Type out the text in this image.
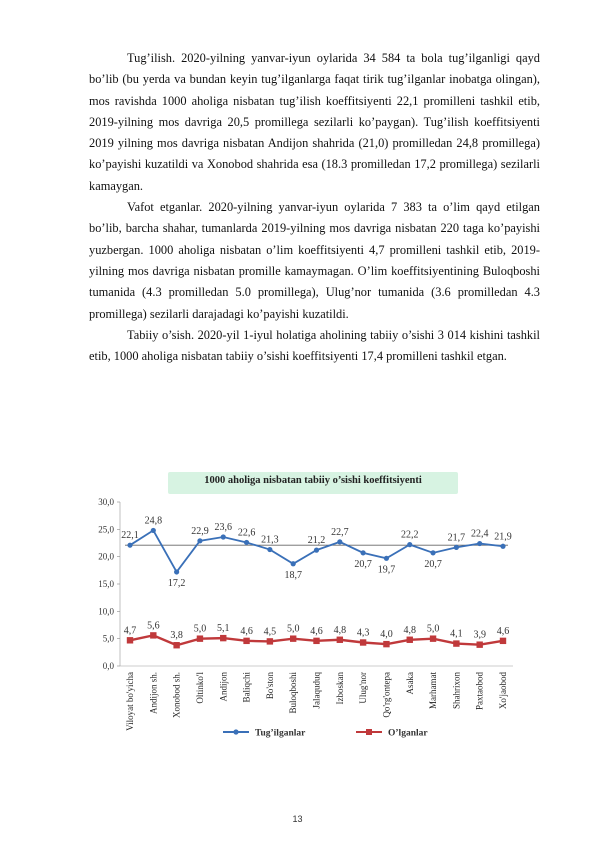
Tug’ilish. 2020-yilning yanvar-iyun oylarida 34 584 ta bola tug’ilganligi qayd bo’lib (bu yerda va bundan keyin tug’ilganlarga faqat tirik tug’ilganlar inobatga olingan), mos ravishda 1000 aholiga nisbatan tug’ilish koeffitsiyenti 22,1 promilleni tashkil etib, 2019-yilning mos davriga 20,5 promillega sezilarli ko’paygan). Tug’ilish koeffitsiyenti 2019 yilning mos davriga nisbatan Andijon shahrida (21,0) promilledan 24,8 promillega) ko’payishi kuzatildi va Xonobod shahrida esa (18.3 promilledan 17,2 promillega) sezilarli kamaygan.

Vafot etganlar. 2020-yilning yanvar-iyun oylarida 7 383 ta o’lim qayd etilgan bo’lib, barcha shahar, tumanlarda 2019-yilning mos davriga nisbatan 220 taga ko’payishi yuzbergan. 1000 aholiga nisbatan o’lim koeffitsiyenti 4,7 promilleni tashkil etib, 2019-yilning mos davriga nisbatan promille kamaymagan. O’lim koeffitsiyentining Buloqboshi tumanida (4.3 promilledan 5.0 promillega), Ulug’nor tumanida (3.6 promilledan 4.3 promillega) sezilarli darajadagi ko’payishi kuzatildi.

Tabiiy o’sish. 2020-yil 1-iyul holatiga aholining tabiiy o’sishi 3 014 kishini tashkil etib, 1000 aholiga nisbatan tabiiy o’sishi koeffitsiyenti 17,4 promilleni tashkil etgan.

1000 aholiga nisbatan tabiiy o’sishi koeffitsiyenti
0,0
5,0
10,0
15,0
20,0
25,0
30,0
22,1
24,8
17,2
22,9 23,6 22,6
21,3
18,7
21,2
22,7
20,7 19,7
22,2
20,7
21,7 22,4 21,9
4,7 5,6
3,8
5,0 5,1 4,6 4,5 5,0 4,6 4,8 4,3 4,0 4,8 5,0 4,1 3,9 4,6
Viloyat bo'yicha Andijon sh. Xonobod sh. Oltinko'l Andijon Baliqchi Bo'ston Buloqboshi Jalaquduq Izboskan Ulug'nor Qo'rg'ontepa Asaka Marhamat Shahrixon Paxtaobod Xo'jaobod
Tug’ilganlar	O’lganlar
13
